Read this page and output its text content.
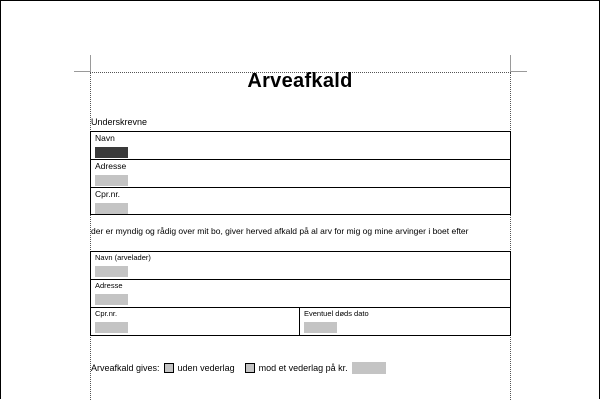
Arveafkald
Underskrevne
Navn

Adresse

Cpr.nr.
der er myndig og rådig over mit bo, giver herved afkald på al arv for mig og mine arvinger i boet efter
Navn (arvelader)

Adresse

Cpr.nr.	Eventuel døds dato
Arveafkald gives: uden vederlag	mod et vederlag på kr.
